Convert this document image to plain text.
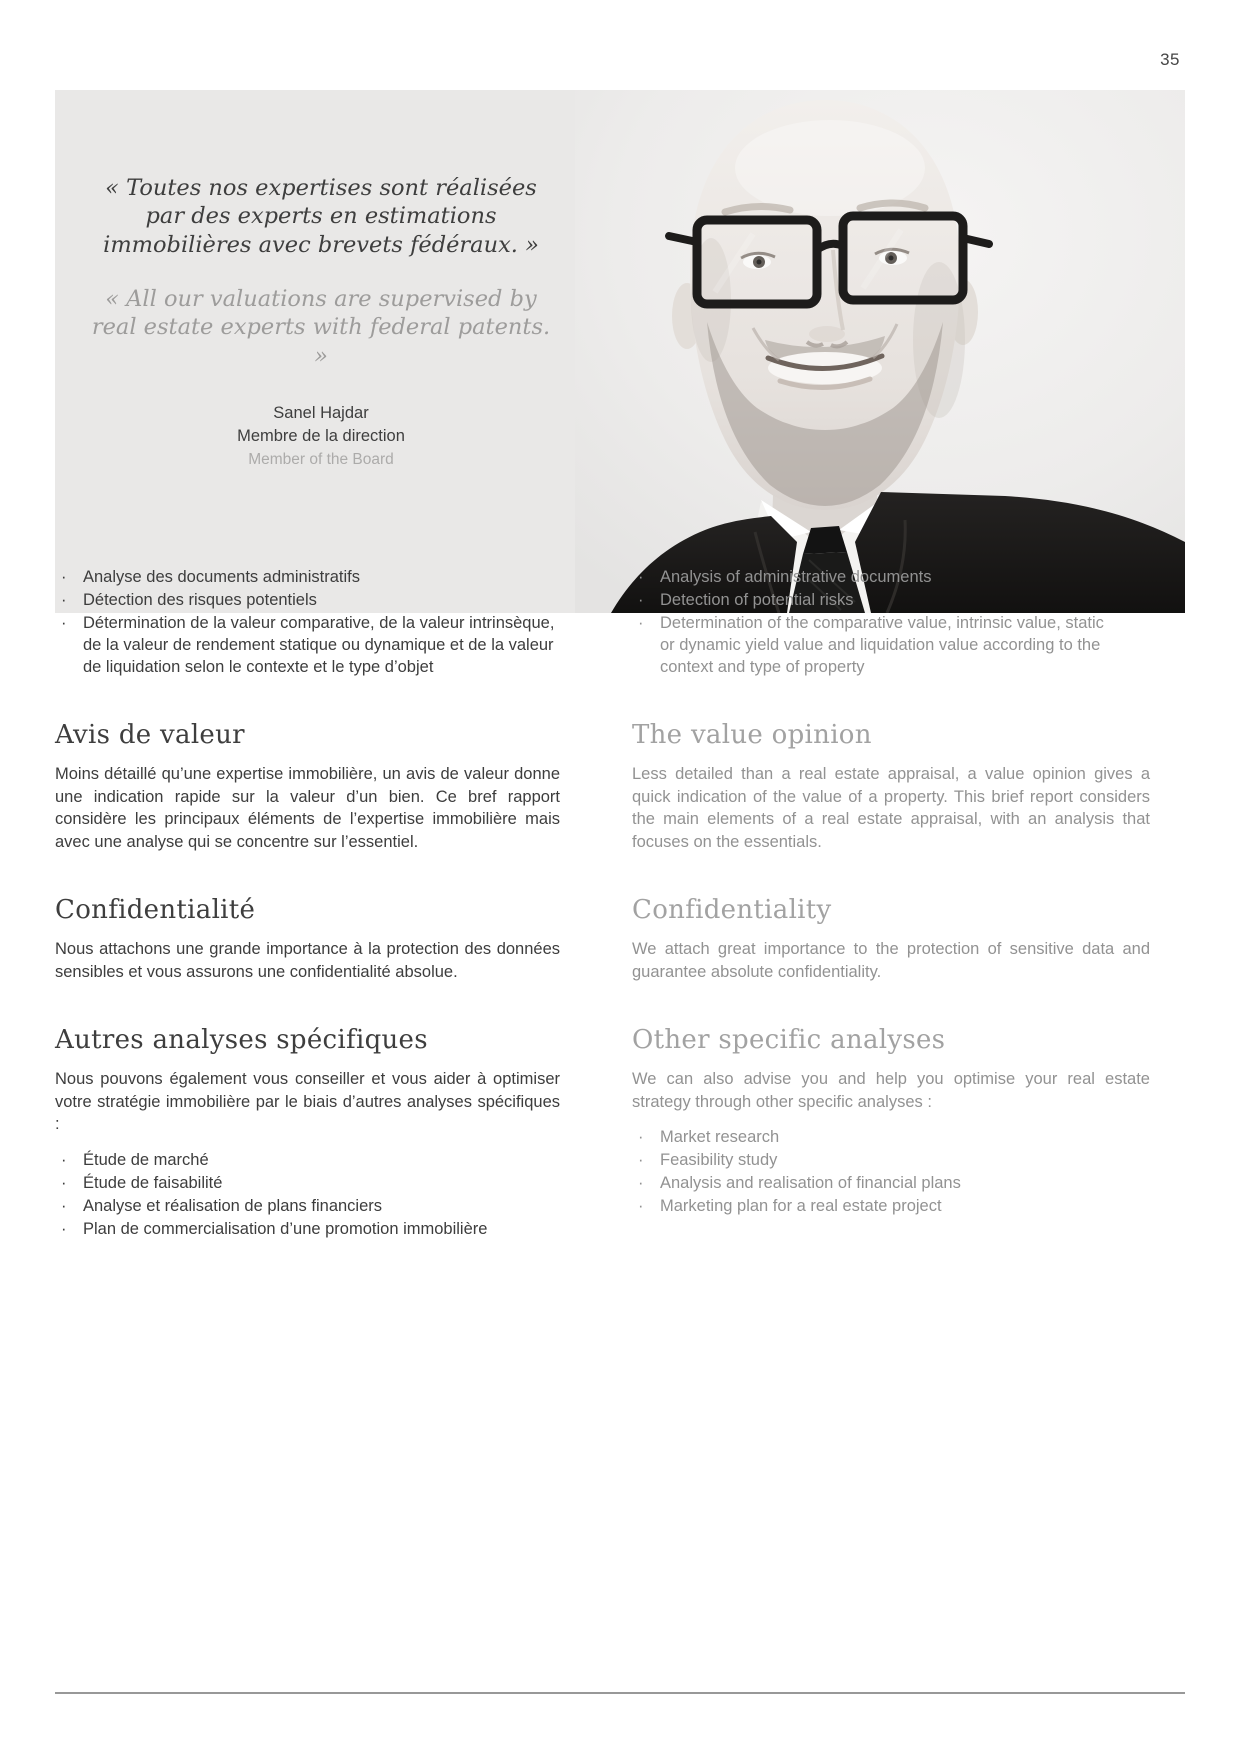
35
« Toutes nos expertises sont réalisées par des experts en estimations immobilières avec brevets fédéraux. »
« All our valuations are supervised by real estate experts with federal patents. »
Sanel Hajdar
Membre de la direction
Member of the Board
·	Analyse des documents administratifs
·	Détection des risques potentiels
·	Détermination de la valeur comparative, de la valeur intrinsèque, de la valeur de rendement statique ou dynamique et de la valeur de liquidation selon le contexte et le type d’objet
Avis de valeur

Moins détaillé qu’une expertise immobilière, un avis de valeur donne une indication rapide sur la valeur d’un bien. Ce bref rapport considère les principaux éléments de l’expertise immobilière mais avec une analyse qui se concentre sur l’essentiel.

Confidentialité

Nous attachons une grande importance à la protection des données sensibles et vous assurons une confidentialité absolue.

Autres analyses spécifiques

Nous pouvons également vous conseiller et vous aider à optimiser votre stratégie immobilière par le biais d’autres analyses spécifiques :

·	Étude de marché
·	Étude de faisabilité
·	Analyse et réalisation de plans financiers
·	Plan de commercialisation d’une promotion immobilière
·	Analysis of administrative documents
·	Detection of potential risks
·	Determination of the comparative value, intrinsic value, static or dynamic yield value and liquidation value according to the context and type of property
The value opinion

Less detailed than a real estate appraisal, a value opinion gives a quick indication of the value of a property. This brief report considers the main elements of a real estate appraisal, with an analysis that focuses on the essentials.

Confidentiality

We attach great importance to the protection of sensitive data and guarantee absolute confidentiality.

Other specific analyses

We can also advise you and help you optimise your real estate strategy through other specific analyses :

·	Market research
·	Feasibility study
·	Analysis and realisation of financial plans
·	Marketing plan for a real estate project
